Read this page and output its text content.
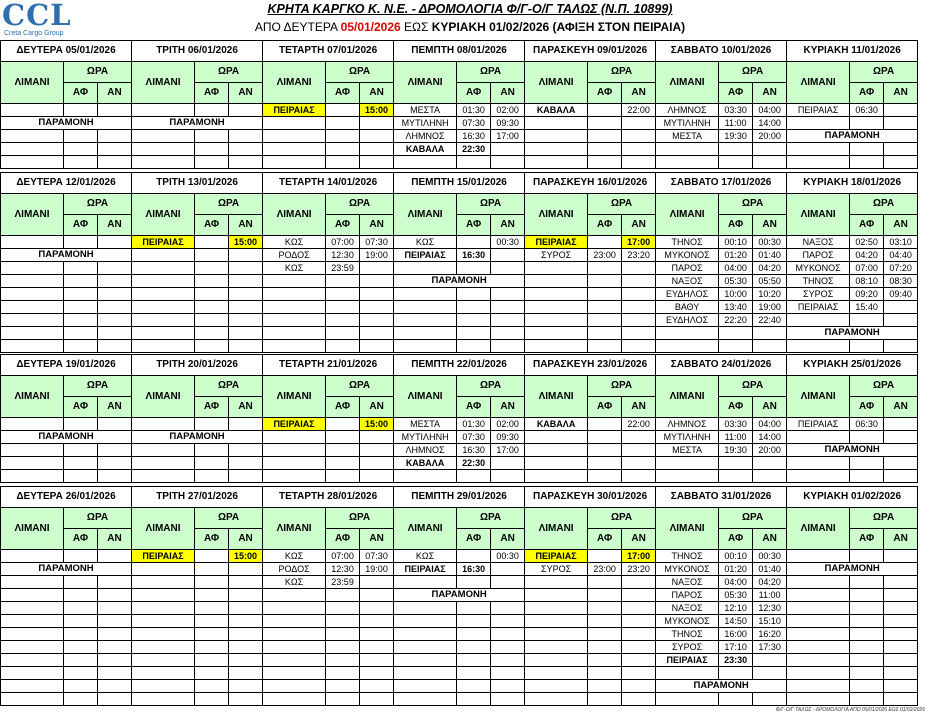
CCL
Creta Cargo Group
ΚΡΗΤΑ ΚΑΡΓΚΟ Κ. Ν.Ε. - ΔΡΟΜΟΛΟΓΙΑ Φ/Γ-Ο/Γ ΤΑΛΩΣ (Ν.Π. 10899)
ΑΠΟ ΔΕΥΤΕΡΑ 05/01/2026 ΕΩΣ ΚΥΡΙΑΚΗ 01/02/2026 (ΑΦΙΞΗ ΣΤΟΝ ΠΕΙΡΑΙΑ)
ΔΕΥΤΕΡΑ 05/01/2026			ΤΡΙΤΗ 06/01/2026			ΤΕΤΑΡΤΗ 07/01/2026			ΠΕΜΠΤΗ 08/01/2026			ΠΑΡΑΣΚΕΥΗ 09/01/2026			ΣΑΒΒΑΤΟ 10/01/2026			ΚΥΡΙΑΚΗ 11/01/2026		
ΛΙΜΑΝΙ	ΩΡΑ		ΛΙΜΑΝΙ	ΩΡΑ		ΛΙΜΑΝΙ	ΩΡΑ		ΛΙΜΑΝΙ	ΩΡΑ		ΛΙΜΑΝΙ	ΩΡΑ		ΛΙΜΑΝΙ	ΩΡΑ		ΛΙΜΑΝΙ	ΩΡΑ	
	ΑΦ	ΑΝ		ΑΦ	ΑΝ		ΑΦ	ΑΝ		ΑΦ	ΑΝ		ΑΦ	ΑΝ		ΑΦ	ΑΝ		ΑΦ	ΑΝ
						ΠΕΙΡΑΙΑΣ		15:00	ΜΕΣΤΑ	01:30	02:00	ΚΑΒΑΛΑ		22:00	ΛΗΜΝΟΣ	03:30	04:00	ΠΕΙΡΑΙΑΣ	06:30	
ΠΑΡΑΜΟΝΗ			ΠΑΡΑΜΟΝΗ						ΜΥΤΙΛΗΝΗ	07:30	09:30				ΜΥΤΙΛΗΝΗ	11:00	14:00			
									ΛΗΜΝΟΣ	16:30	17:00				ΜΕΣΤΑ	19:30	20:00	ΠΑΡΑΜΟΝΗ		
									ΚΑΒΑΛΑ	22:30										

ΔΕΥΤΕΡΑ 12/01/2026			ΤΡΙΤΗ 13/01/2026			ΤΕΤΑΡΤΗ 14/01/2026			ΠΕΜΠΤΗ 15/01/2026			ΠΑΡΑΣΚΕΥΗ 16/01/2026			ΣΑΒΒΑΤΟ 17/01/2026			ΚΥΡΙΑΚΗ 18/01/2026		
ΛΙΜΑΝΙ	ΩΡΑ		ΛΙΜΑΝΙ	ΩΡΑ		ΛΙΜΑΝΙ	ΩΡΑ		ΛΙΜΑΝΙ	ΩΡΑ		ΛΙΜΑΝΙ	ΩΡΑ		ΛΙΜΑΝΙ	ΩΡΑ		ΛΙΜΑΝΙ	ΩΡΑ	
	ΑΦ	ΑΝ		ΑΦ	ΑΝ		ΑΦ	ΑΝ		ΑΦ	ΑΝ		ΑΦ	ΑΝ		ΑΦ	ΑΝ		ΑΦ	ΑΝ
			ΠΕΙΡΑΙΑΣ		15:00	ΚΩΣ	07:00	07:30	ΚΩΣ		00:30	ΠΕΙΡΑΙΑΣ		17:00	ΤΗΝΟΣ	00:10	00:30	ΝΑΞΟΣ	02:50	03:10
ΠΑΡΑΜΟΝΗ						ΡΟΔΟΣ	12:30	19:00	ΠΕΙΡΑΙΑΣ	16:30		ΣΥΡΟΣ	23:00	23:20	ΜΥΚΟΝΟΣ	01:20	01:40	ΠΑΡΟΣ	04:20	04:40
						ΚΩΣ	23:59								ΠΑΡΟΣ	04:00	04:20	ΜΥΚΟΝΟΣ	07:00	07:20
									ΠΑΡΑΜΟΝΗ						ΝΑΞΟΣ	05:30	05:50	ΤΗΝΟΣ	08:10	08:30
															ΕΥΔΗΛΟΣ	10:00	10:20	ΣΥΡΟΣ	09:20	09:40
															ΒΑΘΥ	13:40	19:00	ΠΕΙΡΑΙΑΣ	15:40	
															ΕΥΔΗΛΟΣ	22:20	22:40			
																		ΠΑΡΑΜΟΝΗ		

ΔΕΥΤΕΡΑ 19/01/2026			ΤΡΙΤΗ 20/01/2026			ΤΕΤΑΡΤΗ 21/01/2026			ΠΕΜΠΤΗ 22/01/2026			ΠΑΡΑΣΚΕΥΗ 23/01/2026			ΣΑΒΒΑΤΟ 24/01/2026			ΚΥΡΙΑΚΗ 25/01/2026		
ΛΙΜΑΝΙ	ΩΡΑ		ΛΙΜΑΝΙ	ΩΡΑ		ΛΙΜΑΝΙ	ΩΡΑ		ΛΙΜΑΝΙ	ΩΡΑ		ΛΙΜΑΝΙ	ΩΡΑ		ΛΙΜΑΝΙ	ΩΡΑ		ΛΙΜΑΝΙ	ΩΡΑ	
	ΑΦ	ΑΝ		ΑΦ	ΑΝ		ΑΦ	ΑΝ		ΑΦ	ΑΝ		ΑΦ	ΑΝ		ΑΦ	ΑΝ		ΑΦ	ΑΝ
						ΠΕΙΡΑΙΑΣ		15:00	ΜΕΣΤΑ	01:30	02:00	ΚΑΒΑΛΑ		22:00	ΛΗΜΝΟΣ	03:30	04:00	ΠΕΙΡΑΙΑΣ	06:30	
ΠΑΡΑΜΟΝΗ			ΠΑΡΑΜΟΝΗ						ΜΥΤΙΛΗΝΗ	07:30	09:30				ΜΥΤΙΛΗΝΗ	11:00	14:00			
									ΛΗΜΝΟΣ	16:30	17:00				ΜΕΣΤΑ	19:30	20:00	ΠΑΡΑΜΟΝΗ		
									ΚΑΒΑΛΑ	22:30										

ΔΕΥΤΕΡΑ 26/01/2026			ΤΡΙΤΗ 27/01/2026			ΤΕΤΑΡΤΗ 28/01/2026			ΠΕΜΠΤΗ 29/01/2026			ΠΑΡΑΣΚΕΥΗ 30/01/2026			ΣΑΒΒΑΤΟ 31/01/2026			ΚΥΡΙΑΚΗ 01/02/2026		
ΛΙΜΑΝΙ	ΩΡΑ		ΛΙΜΑΝΙ	ΩΡΑ		ΛΙΜΑΝΙ	ΩΡΑ		ΛΙΜΑΝΙ	ΩΡΑ		ΛΙΜΑΝΙ	ΩΡΑ		ΛΙΜΑΝΙ	ΩΡΑ		ΛΙΜΑΝΙ	ΩΡΑ	
	ΑΦ	ΑΝ		ΑΦ	ΑΝ		ΑΦ	ΑΝ		ΑΦ	ΑΝ		ΑΦ	ΑΝ		ΑΦ	ΑΝ		ΑΦ	ΑΝ
			ΠΕΙΡΑΙΑΣ		15:00	ΚΩΣ	07:00	07:30	ΚΩΣ		00:30	ΠΕΙΡΑΙΑΣ		17:00	ΤΗΝΟΣ	00:10	00:30			
ΠΑΡΑΜΟΝΗ						ΡΟΔΟΣ	12:30	19:00	ΠΕΙΡΑΙΑΣ	16:30		ΣΥΡΟΣ	23:00	23:20	ΜΥΚΟΝΟΣ	01:20	01:40	ΠΑΡΑΜΟΝΗ		
						ΚΩΣ	23:59								ΝΑΞΟΣ	04:00	04:20			
									ΠΑΡΑΜΟΝΗ						ΠΑΡΟΣ	05:30	11:00			
															ΝΑΞΟΣ	12:10	12:30			
															ΜΥΚΟΝΟΣ	14:50	15:10			
															ΤΗΝΟΣ	16:00	16:20			
															ΣΥΡΟΣ	17:10	17:30			
															ΠΕΙΡΑΙΑΣ	23:30				

															ΠΑΡΑΜΟΝΗ					

Φ/Γ-Ο/Γ ΤΑΛΩΣ - ΔΡΟΜΟΛΟΓΙΑ ΑΠΟ 05/01/2026 ΕΩΣ 01/02/2026
